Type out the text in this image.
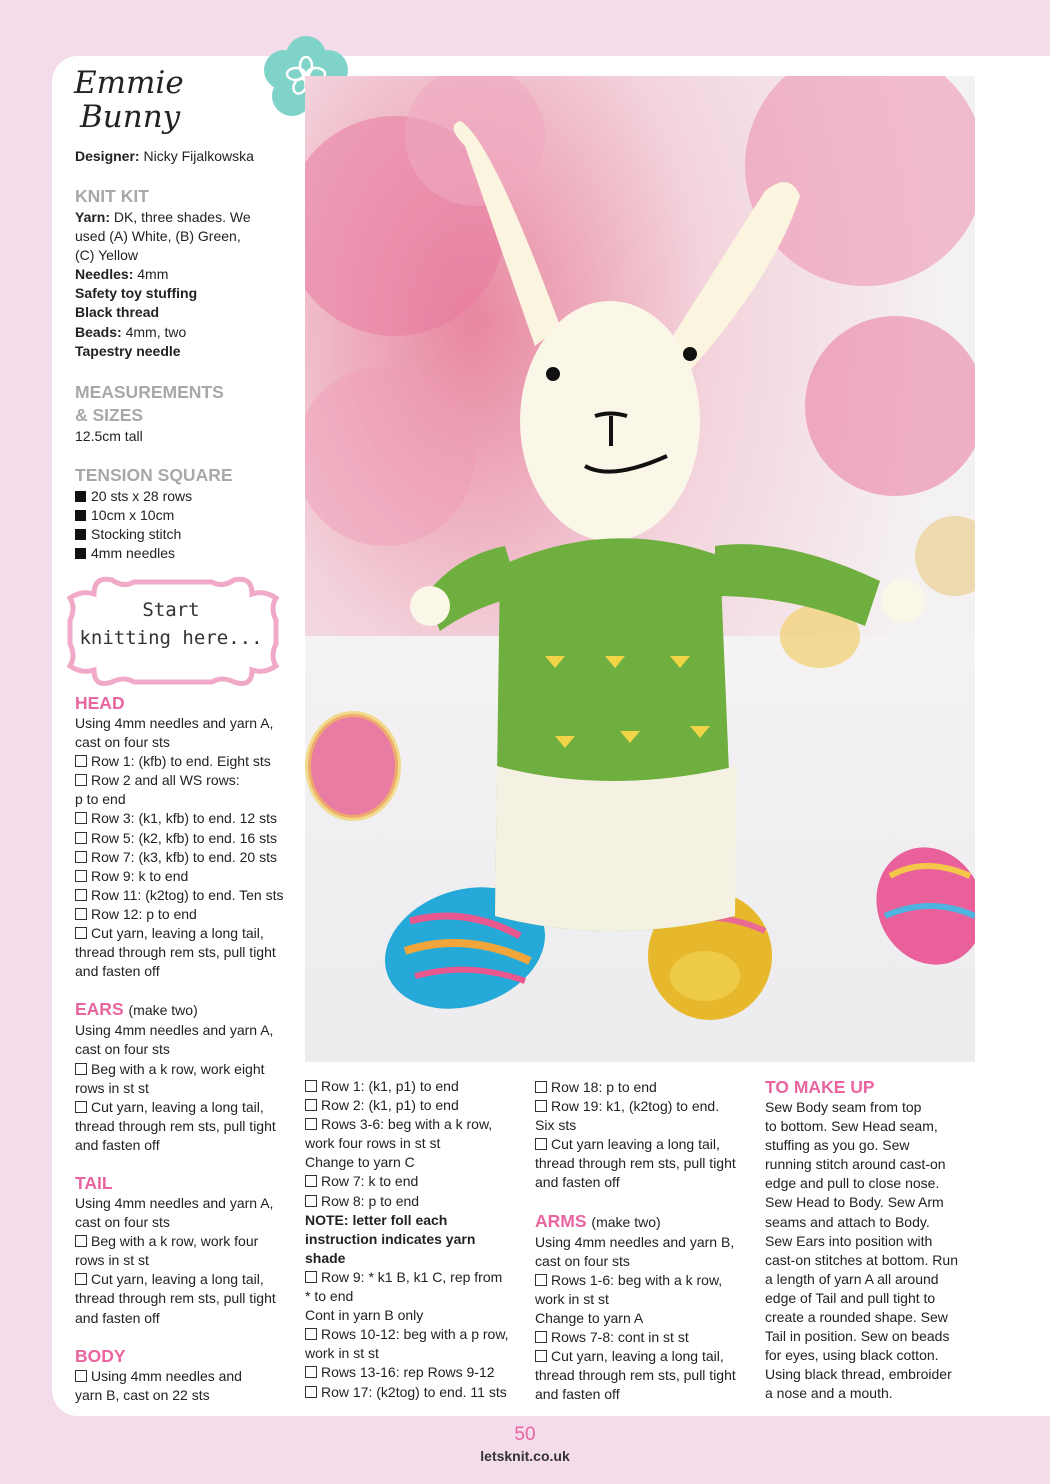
Emmie
Bunny
Designer: Nicky Fijalkowska

KNIT KIT

Yarn: DK, three shades. We

used (A) White, (B) Green,

(C) Yellow

Needles: 4mm

Safety toy stuffing

Black thread

Beads: 4mm, two

Tapestry needle

MEASUREMENTS

& SIZES

12.5cm tall

TENSION SQUARE

20 sts x 28 rows

10cm x 10cm

Stocking stitch

4mm needles

Start
knitting here...

HEAD

Using 4mm needles and yarn A,

cast on four sts

Row 1: (kfb) to end. Eight sts

Row 2 and all WS rows:

p to end

Row 3: (k1, kfb) to end. 12 sts

Row 5: (k2, kfb) to end. 16 sts

Row 7: (k3, kfb) to end. 20 sts

Row 9: k to end

Row 11: (k2tog) to end. Ten sts

Row 12: p to end

Cut yarn, leaving a long tail,

thread through rem sts, pull tight

and fasten off

EARS (make two)

Using 4mm needles and yarn A,

cast on four sts

Beg with a k row, work eight

rows in st st

Cut yarn, leaving a long tail,

thread through rem sts, pull tight

and fasten off

TAIL

Using 4mm needles and yarn A,

cast on four sts

Beg with a k row, work four

rows in st st

Cut yarn, leaving a long tail,

thread through rem sts, pull tight

and fasten off

BODY

Using 4mm needles and

yarn B, cast on 22 sts

Row 1: (k1, p1) to end

Row 2: (k1, p1) to end

Rows 3-6: beg with a k row,

work four rows in st st

Change to yarn C

Row 7: k to end

Row 8: p to end

NOTE: letter foll each

instruction indicates yarn

shade

Row 9: * k1 B, k1 C, rep from

* to end

Cont in yarn B only

Rows 10-12: beg with a p row,

work in st st

Rows 13-16: rep Rows 9-12

Row 17: (k2tog) to end. 11 sts

Row 18: p to end

Row 19: k1, (k2tog) to end.

Six sts

Cut yarn leaving a long tail,

thread through rem sts, pull tight

and fasten off

ARMS (make two)

Using 4mm needles and yarn B,

cast on four sts

Rows 1-6: beg with a k row,

work in st st

Change to yarn A

Rows 7-8: cont in st st

Cut yarn, leaving a long tail,

thread through rem sts, pull tight

and fasten off

TO MAKE UP

Sew Body seam from top

to bottom. Sew Head seam,

stuffing as you go. Sew

running stitch around cast-on

edge and pull to close nose.

Sew Head to Body. Sew Arm

seams and attach to Body.

Sew Ears into position with

cast-on stitches at bottom. Run

a length of yarn A all around

edge of Tail and pull tight to

create a rounded shape. Sew

Tail in position. Sew on beads

for eyes, using black cotton.

Using black thread, embroider

a nose and a mouth.

50
letsknit.co.uk
